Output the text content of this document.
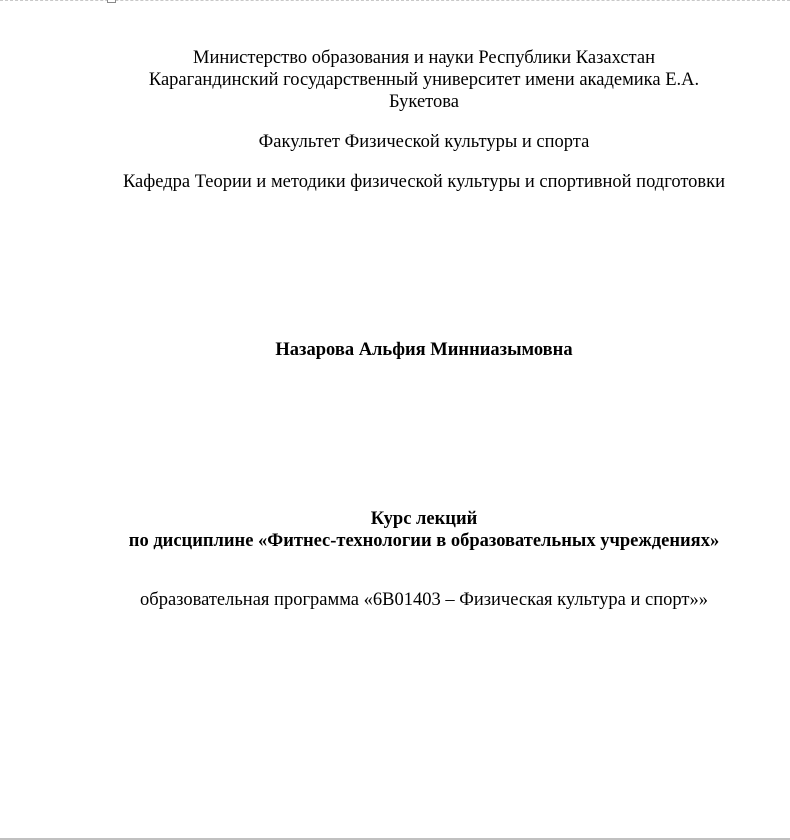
Министерство образования и науки Республики Казахстан
Карагандинский государственный университет имени академика Е.А.
Букетова
Факультет Физической культуры и спорта
Кафедра Теории и методики физической культуры и спортивной подготовки
Назарова Альфия Минниазымовна
Курс лекций
по дисциплине «Фитнес-технологии в образовательных учреждениях»
образовательная программа «6В01403 – Физическая культура и спорт»»
